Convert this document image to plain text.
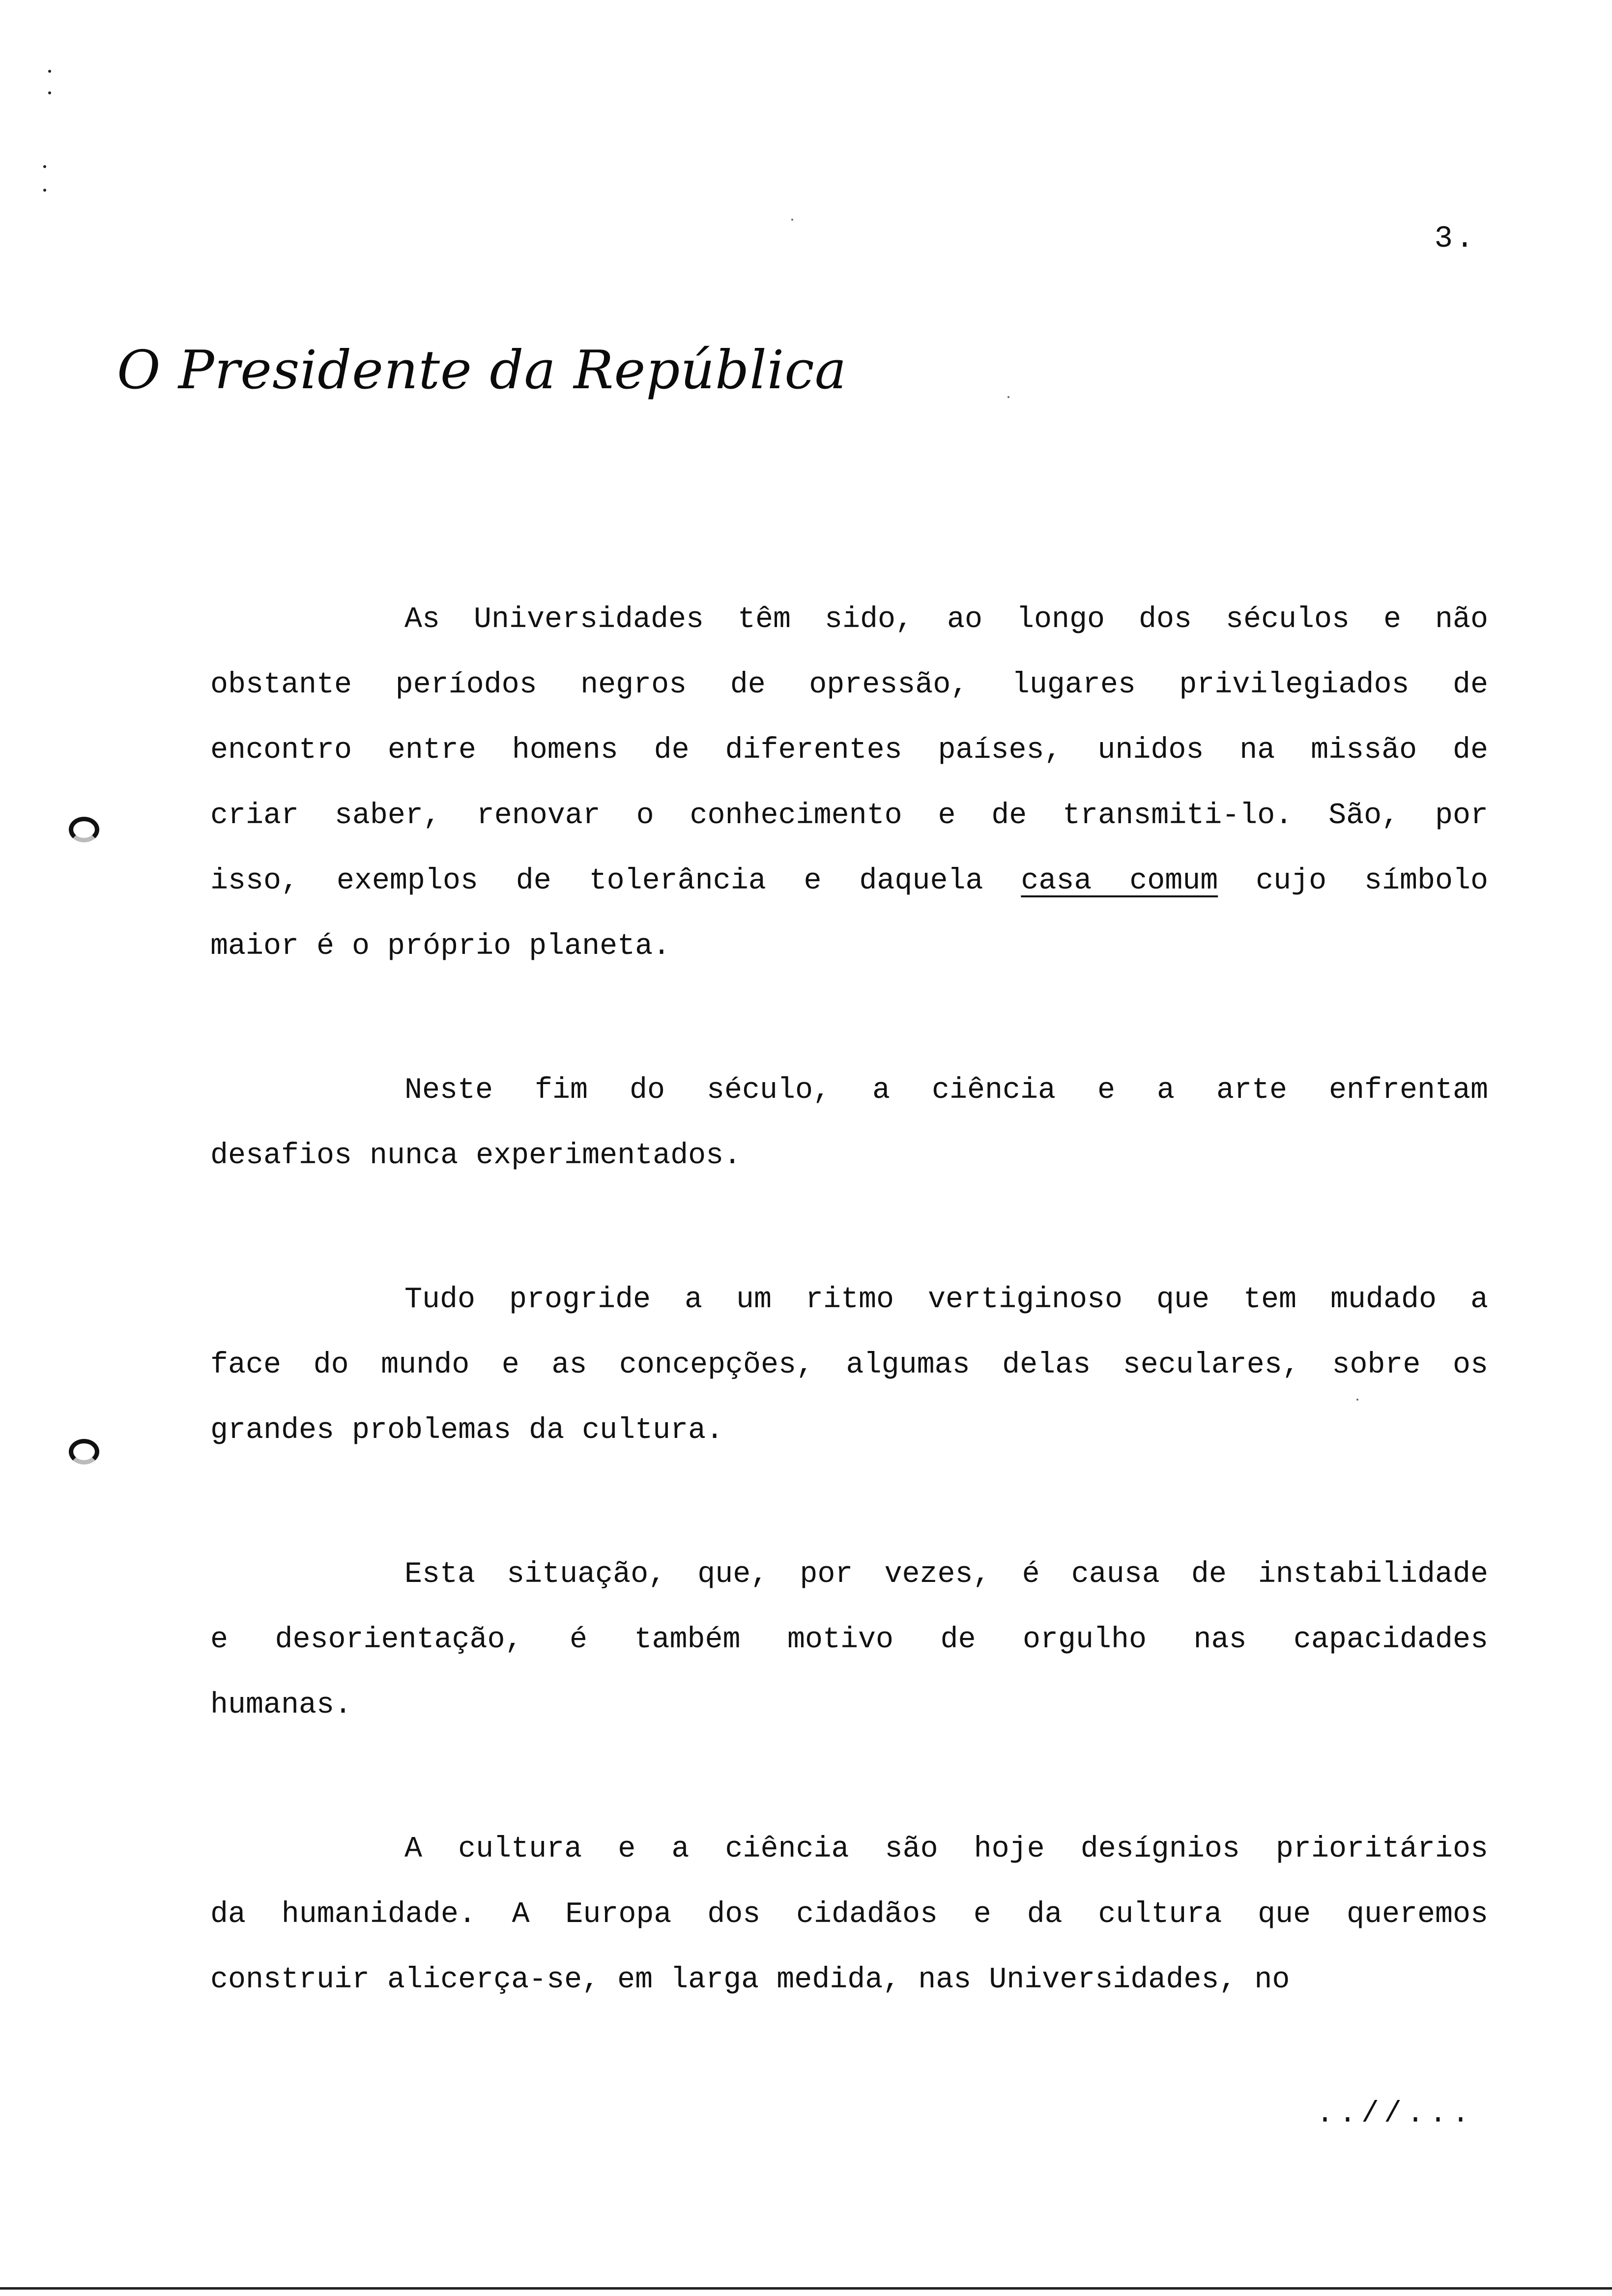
3.
O Presidente da República
As Universidades têm sido, ao longo dos séculos e não
obstante períodos negros de opressão, lugares privilegiados de
encontro entre homens de diferentes países, unidos na missão de
criar saber, renovar o conhecimento e de transmiti-lo. São, por
isso, exemplos de tolerância e daquela casa comum cujo símbolo
maior é o próprio planeta.
Neste fim do século, a ciência e a arte enfrentam
desafios nunca experimentados.
Tudo progride a um ritmo vertiginoso que tem mudado a
face do mundo e as concepções, algumas delas seculares, sobre os
grandes problemas da cultura.
Esta situação, que, por vezes, é causa de instabilidade
e desorientação, é também motivo de orgulho nas capacidades
humanas.
A cultura e a ciência são hoje desígnios prioritários
da humanidade. A Europa dos cidadãos e da cultura que queremos
construir alicerça-se, em larga medida, nas Universidades, no
..//...
